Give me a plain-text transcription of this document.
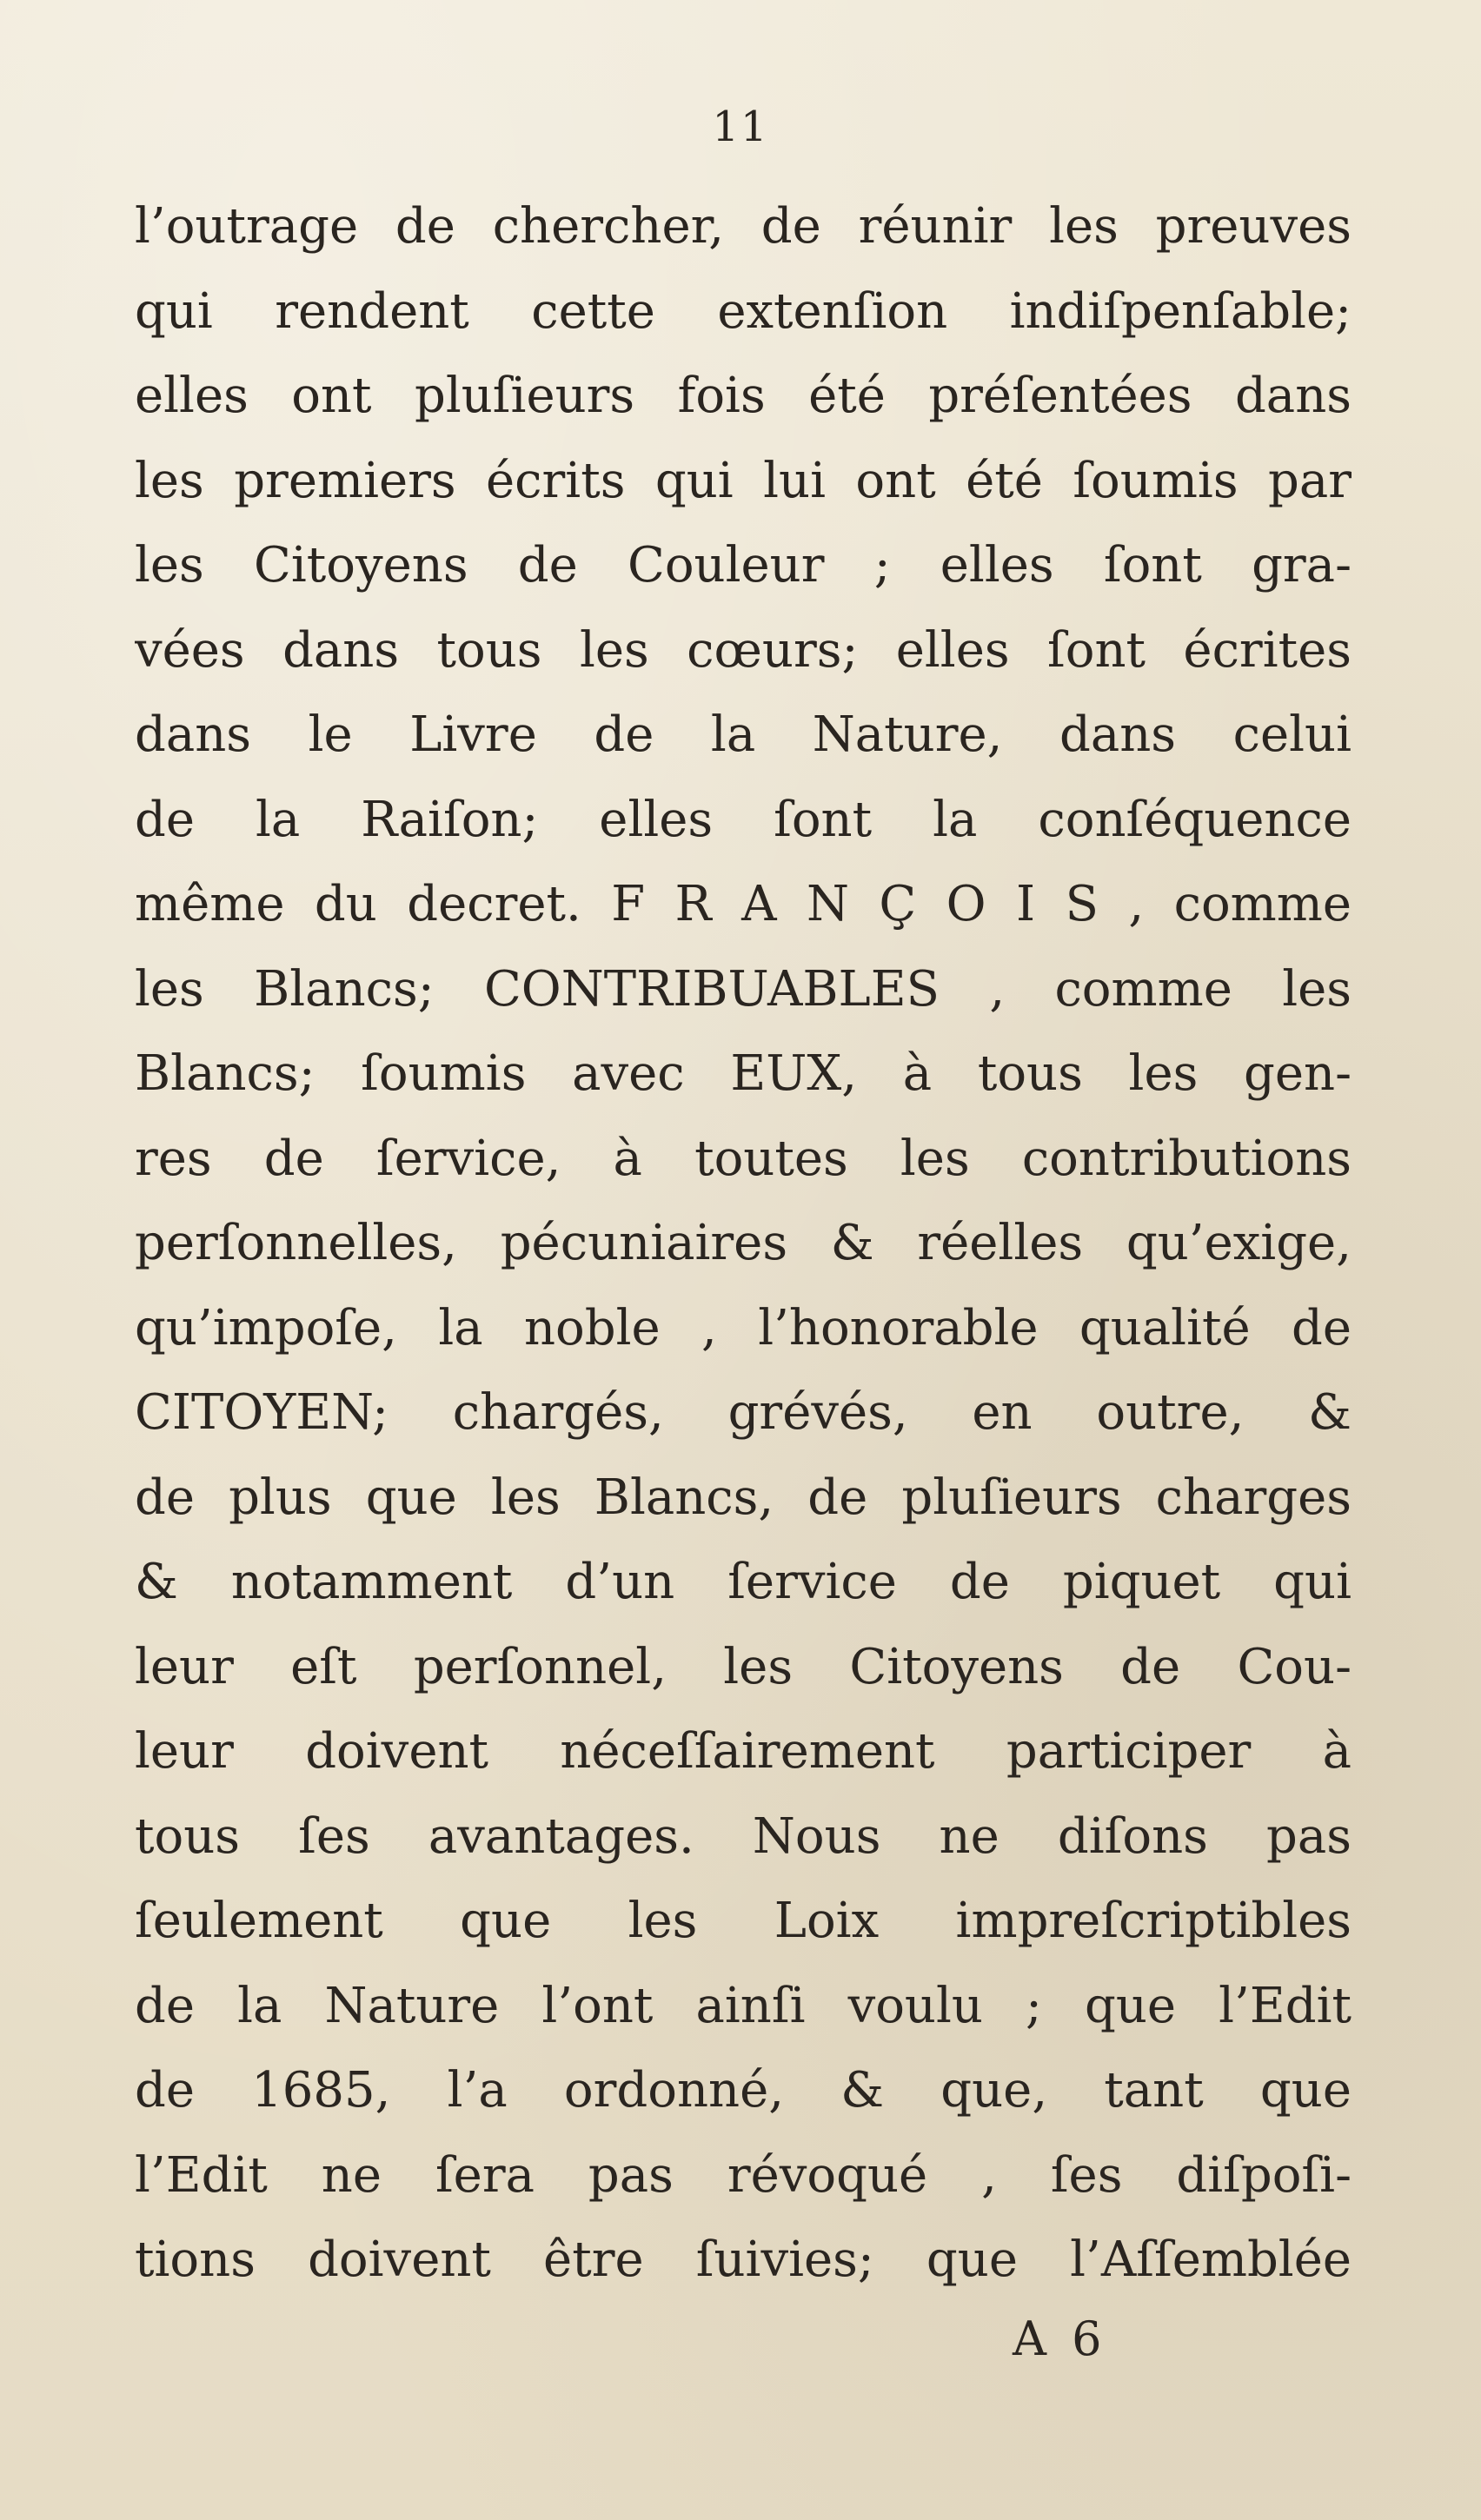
11
l’outrage de chercher, de réunir les preuves
qui rendent cette extenſion indiſpenſable;
elles ont pluſieurs fois été préſentées dans
les premiers écrits qui lui ont été ſoumis par
les Citoyens de Couleur ; elles ſont gra-
vées dans tous les cœurs; elles ſont écrites
dans le Livre de la Nature, dans celui
de la Raiſon; elles ſont la conſéquence
même du decret. F R A N Ç O I S , comme
les Blancs; CONTRIBUABLES , comme les
Blancs; ſoumis avec EUX, à tous les gen-
res de ſervice, à toutes les contributions
perſonnelles, pécuniaires & réelles qu’exige,
qu’impoſe, la noble , l’honorable qualité de
CITOYEN; chargés, grévés, en outre, &
de plus que les Blancs, de pluſieurs charges
& notamment d’un ſervice de piquet qui
leur eſt perſonnel, les Citoyens de Cou-
leur doivent néceſſairement participer à
tous ſes avantages. Nous ne diſons pas
ſeulement que les Loix impreſcriptibles
de la Nature l’ont ainſi voulu ; que l’Edit
de 1685, l’a ordonné, & que, tant que
l’Edit ne ſera pas révoqué , ſes diſpoſi-
tions doivent être ſuivies; que l’Aſſemblée
A 6
